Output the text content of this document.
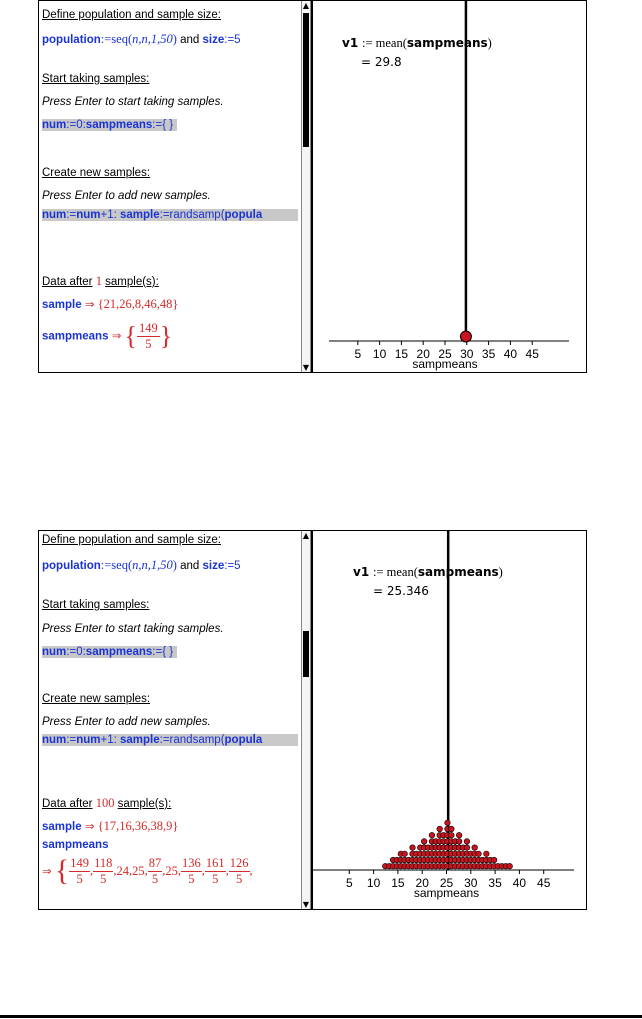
Define population and sample size:
population:=seq(n,n,1,50) and size:=5
Start taking samples:
Press Enter to start taking samples.
num:=0:sampmeans:={ }
Create new samples:
Press Enter to add new samples.
num:=num+1: sample:=randsamp(popula
Data after 1 sample(s):
sample ⇒ {21,26,8,46,48}
sampmeans ⇒ { $\frac{149}{5}$ }
▲
▼
v1 := mean(sampmeans)
= 29.8
5 10 15 20 25 30 35 40 45
sampmeans
Define population and sample size:
population:=seq(n,n,1,50) and size:=5
Start taking samples:
Press Enter to start taking samples.
num:=0:sampmeans:={ }
Create new samples:
Press Enter to add new samples.
num:=num+1: sample:=randsamp(popula
Data after 100 sample(s):
sample ⇒ {17,16,36,38,9}
sampmeans
⇒ { $\frac{149}{5}$ , $\frac{118}{5} ,24,25$, $\frac{87}{5} ,25$, $\frac{136}{5}$ , $\frac{161}{5}$ , $\frac{126}{5}$ ,
▲
▼
v1 := mean(sampmeans)
= 25.346
5 10 15 20 25 30 35 40 45
sampmeans
